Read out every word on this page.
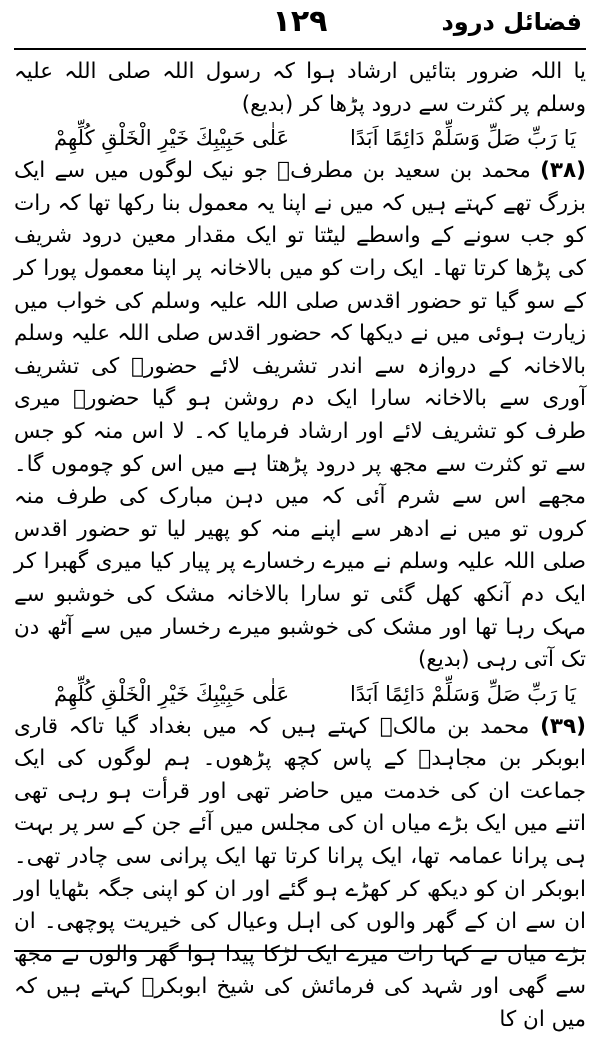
۱۲۹	فضائل درود

یا اللہ ضرور بتائیں ارشاد ہوا کہ رسول اللہ صلی اللہ علیہ وسلم پر کثرت سے درود پڑھا کر (بدیع)

یَا رَبِّ صَلِّ وَسَلِّمْ دَائِمًا اَبَدًا
عَلٰی حَبِیْبِكَ خَیْرِ الْخَلْقِ كُلِّهِمْ

(۳۸) محمد بن سعید بن مطرفؒ جو نیک لوگوں میں سے ایک بزرگ تھے کہتے ہیں کہ میں نے اپنا یہ معمول بنا رکھا تھا کہ رات کو جب سونے کے واسطے لیٹتا تو ایک مقدار معین درود شریف کی پڑھا کرتا تھا۔ ایک رات کو میں بالاخانہ پر اپنا معمول پورا کر کے سو گیا تو حضور اقدس صلی اللہ علیہ وسلم کی خواب میں زیارت ہوئی میں نے دیکھا کہ حضور اقدس صلی اللہ علیہ وسلم بالاخانہ کے دروازہ سے اندر تشریف لائے حضورؐ کی تشریف آوری سے بالاخانہ سارا ایک دم روشن ہو گیا حضورؐ میری طرف کو تشریف لائے اور ارشاد فرمایا کہ۔ لا اس منہ کو جس سے تو کثرت سے مجھ پر درود پڑھتا ہے میں اس کو چوموں گا۔ مجھے اس سے شرم آئی کہ میں دہن مبارک کی طرف منہ کروں تو میں نے ادھر سے اپنے منہ کو پھیر لیا تو حضور اقدس صلی اللہ علیہ وسلم نے میرے رخسارے پر پیار کیا میری گھبرا کر ایک دم آنکھ کھل گئی تو سارا بالاخانہ مشک کی خوشبو سے مہک رہا تھا اور مشک کی خوشبو میرے رخسار میں سے آٹھ دن تک آتی رہی (بدیع)

یَا رَبِّ صَلِّ وَسَلِّمْ دَائِمًا اَبَدًا
عَلٰی حَبِیْبِكَ خَیْرِ الْخَلْقِ كُلِّهِمْ

(۳۹) محمد بن مالکؒ کہتے ہیں کہ میں بغداد گیا تاکہ قاری ابوبکر بن مجاہدؒ کے پاس کچھ پڑھوں۔ ہم لوگوں کی ایک جماعت ان کی خدمت میں حاضر تھی اور قرأت ہو رہی تھی اتنے میں ایک بڑے میاں ان کی مجلس میں آئے جن کے سر پر بہت ہی پرانا عمامہ تھا، ایک پرانا کرتا تھا ایک پرانی سی چادر تھی۔ ابوبکر ان کو دیکھ کر کھڑے ہو گئے اور ان کو اپنی جگہ بٹھایا اور ان سے ان کے گھر والوں کی اہل وعیال کی خیریت پوچھی۔ ان بڑے میاں نے کہا رات میرے ایک لڑکا پیدا ہوا گھر والوں نے مجھ سے گھی اور شہد کی فرمائش کی شیخ ابوبکرؒ کہتے ہیں کہ میں ان کا
